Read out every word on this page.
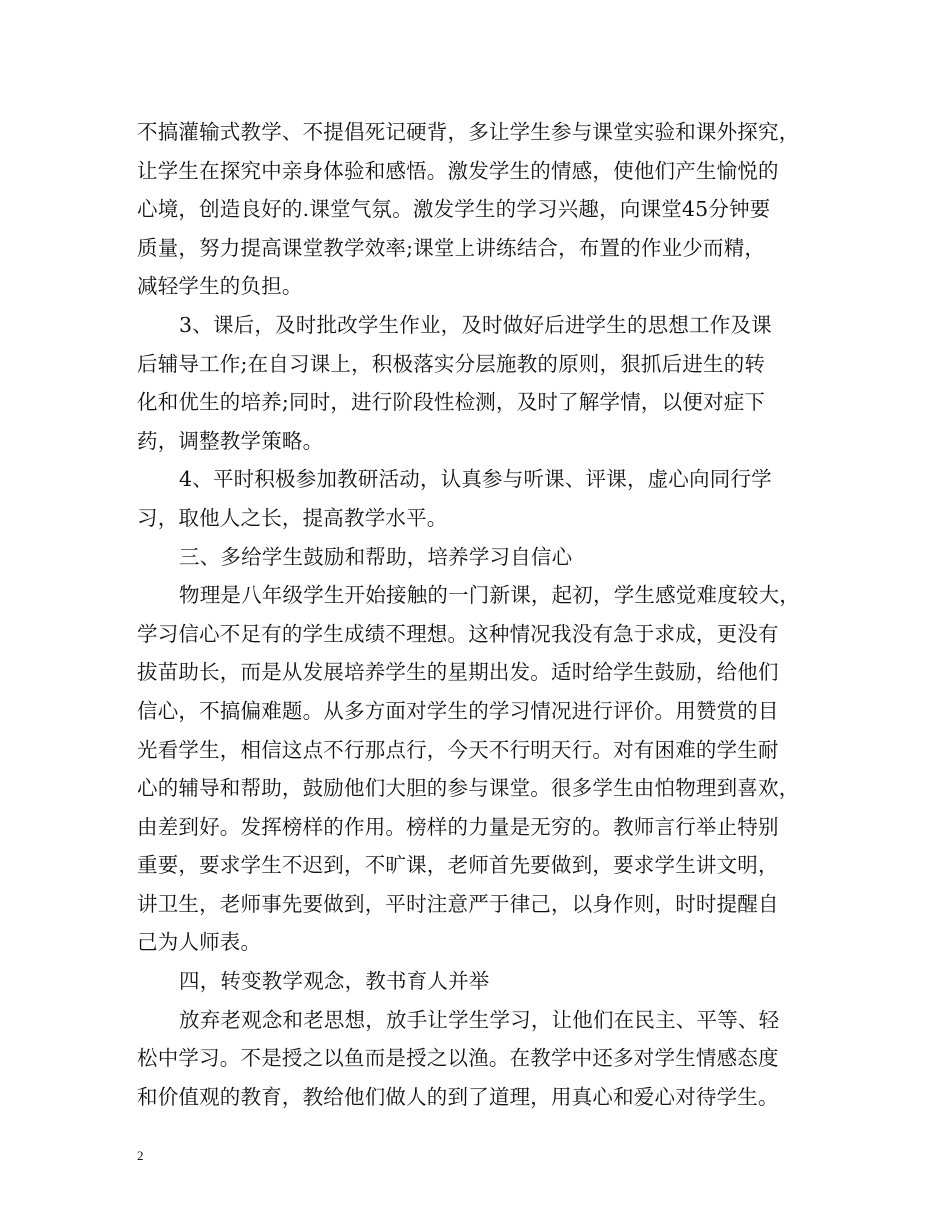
不搞灌输式教学、不提倡死记硬背，多让学生参与课堂实验和课外探究，
让学生在探究中亲身体验和感悟。激发学生的情感，使他们产生愉悦的
心境，创造良好的.课堂气氛。激发学生的学习兴趣，向课堂45分钟要
质量，努力提高课堂教学效率;课堂上讲练结合，布置的作业少而精，
减轻学生的负担。
3、课后，及时批改学生作业，及时做好后进学生的思想工作及课
后辅导工作;在自习课上，积极落实分层施教的原则，狠抓后进生的转
化和优生的培养;同时，进行阶段性检测，及时了解学情，以便对症下
药，调整教学策略。
4、平时积极参加教研活动，认真参与听课、评课，虚心向同行学
习，取他人之长，提高教学水平。
三、多给学生鼓励和帮助，培养学习自信心
物理是八年级学生开始接触的一门新课，起初，学生感觉难度较大，
学习信心不足有的学生成绩不理想。这种情况我没有急于求成，更没有
拔苗助长，而是从发展培养学生的星期出发。适时给学生鼓励，给他们
信心，不搞偏难题。从多方面对学生的学习情况进行评价。用赞赏的目
光看学生，相信这点不行那点行，今天不行明天行。对有困难的学生耐
心的辅导和帮助，鼓励他们大胆的参与课堂。很多学生由怕物理到喜欢，
由差到好。发挥榜样的作用。榜样的力量是无穷的。教师言行举止特别
重要，要求学生不迟到，不旷课，老师首先要做到，要求学生讲文明，
讲卫生，老师事先要做到，平时注意严于律己，以身作则，时时提醒自
己为人师表。
四，转变教学观念，教书育人并举
放弃老观念和老思想，放手让学生学习，让他们在民主、平等、轻
松中学习。不是授之以鱼而是授之以渔。在教学中还多对学生情感态度
和价值观的教育，教给他们做人的到了道理，用真心和爱心对待学生。
2
